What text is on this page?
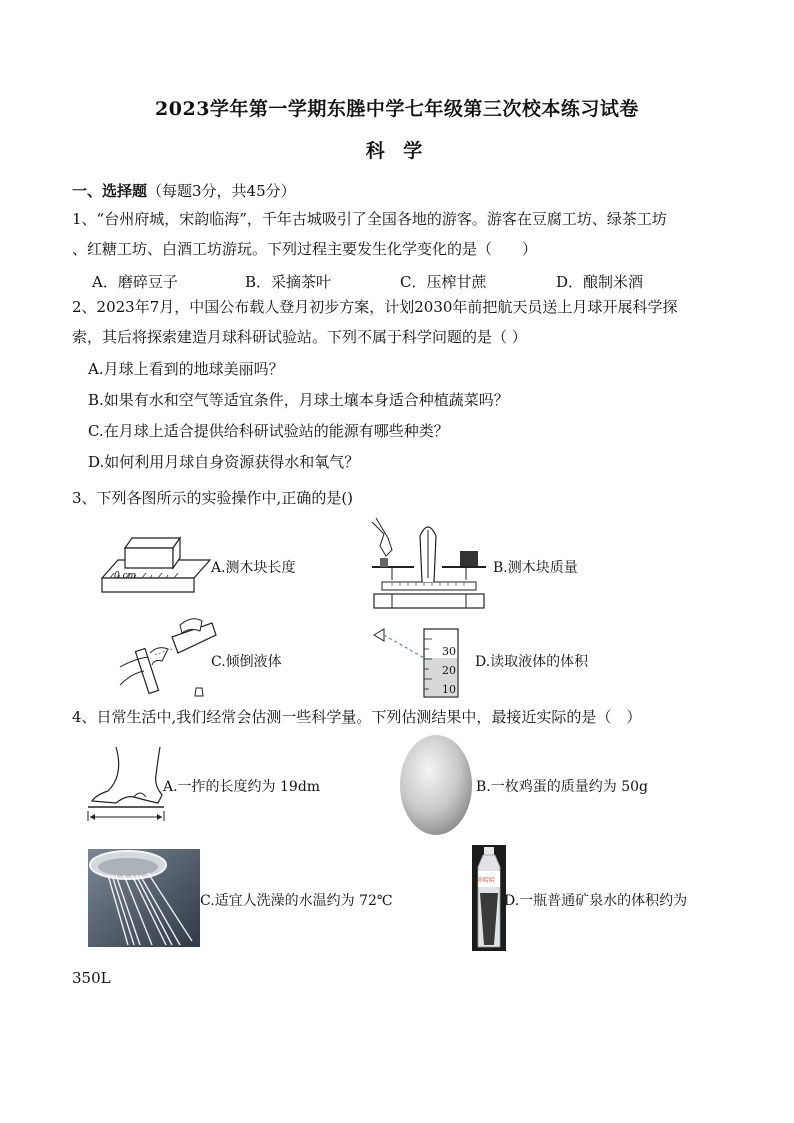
2023学年第一学期东塍中学七年级第三次校本练习试卷
科 学
一、选择题（每题3分，共45分）
1、“台州府城，宋韵临海”，千年古城吸引了全国各地的游客。游客在豆腐工坊、绿茶工坊
、红糖工坊、白酒工坊游玩。下列过程主要发生化学变化的是（　　）
A．磨碎豆子	B．采摘茶叶	C．压榨甘蔗	D．酿制米酒
2、2023年7月，中国公布载人登月初步方案，计划2030年前把航天员送上月球开展科学探
索，其后将探索建造月球科研试验站。下列不属于科学问题的是（ ）
A.月球上看到的地球美丽吗？
B.如果有水和空气等适宜条件，月球土壤本身适合种植蔬菜吗？
C.在月球上适合提供给科研试验站的能源有哪些种类？
D.如何利用月球自身资源获得水和氧气？
3、下列各图所示的实验操作中,正确的是()
0 cm	A.测木块长度	B.测木块质量
C.倾倒液体
30
20
10
D.读取液体的体积
4、日常生活中,我们经常会估测一些科学量。下列估测结果中，最接近实际的是（　）
A.一拃的长度约为 19dm	B.一枚鸡蛋的质量约为 50g
C.适宜人洗澡的水温约为 72℃
娃哈哈
D.一瓶普通矿泉水的体积约为
350L
